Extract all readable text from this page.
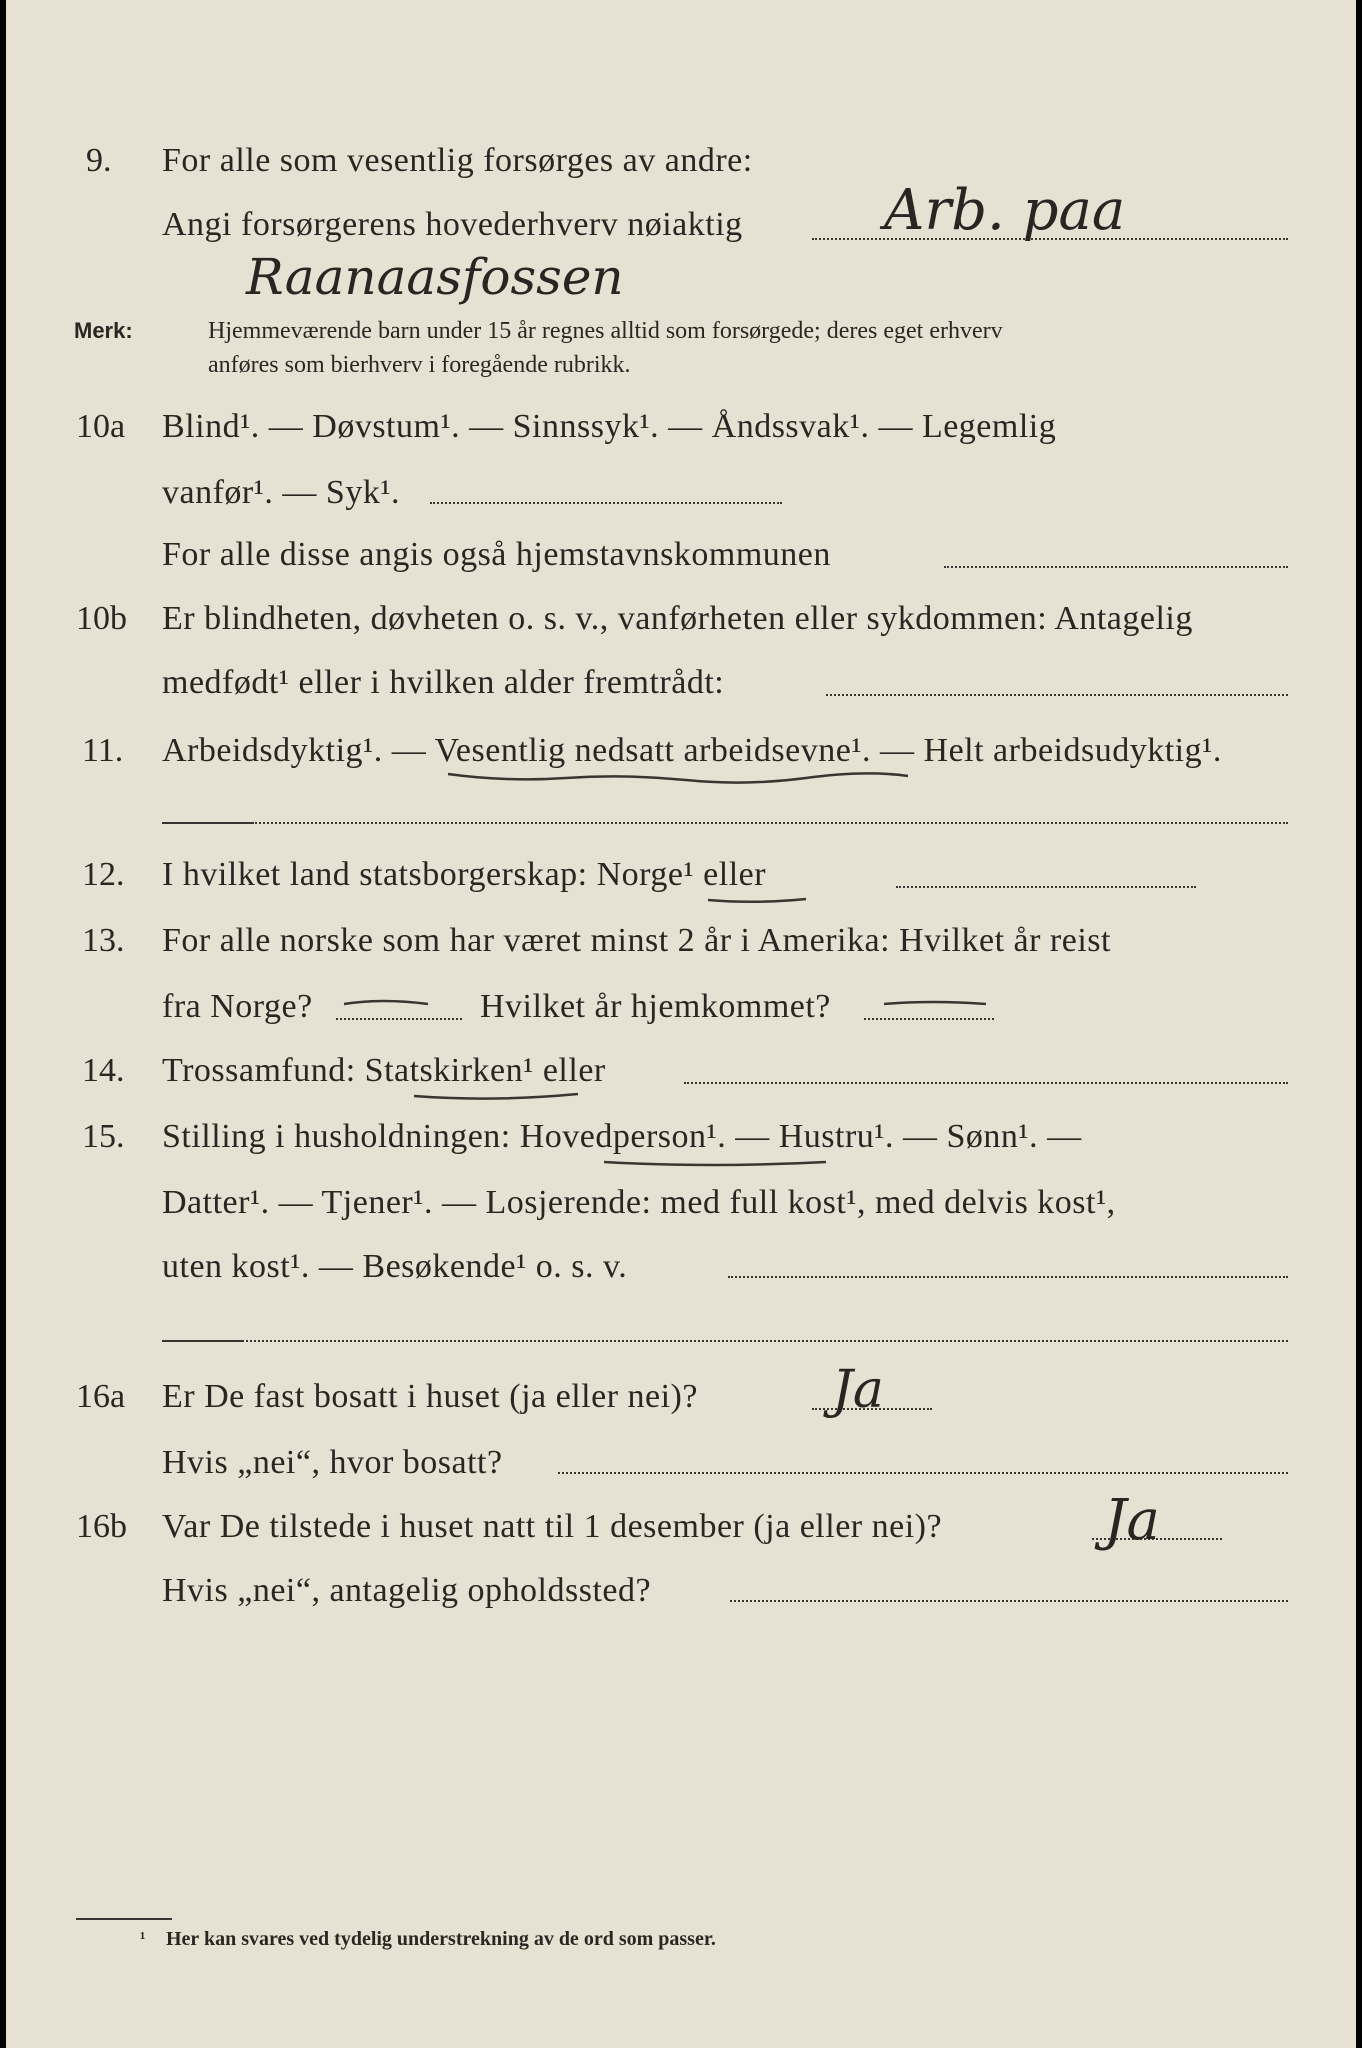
9. For alle som vesentlig forsørges av andre:
Angi forsørgerens hovederhverv nøiaktig	Arb. paa
Raanaasfossen
Merk:	Hjemmeværende barn under 15 år regnes alltid som forsørgede; deres eget erhverv
anføres som bierhverv i foregående rubrikk.
10a Blind¹. — Døvstum¹. — Sinnssyk¹. — Åndssvak¹. — Legemlig
vanfør¹. — Syk¹.
For alle disse angis også hjemstavnskommunen
10b Er blindheten, døvheten o. s. v., vanførheten eller sykdommen: Antagelig
medfødt¹ eller i hvilken alder fremtrådt:
11. Arbeidsdyktig¹. — Vesentlig nedsatt arbeidsevne¹. — Helt arbeidsudyktig¹.
12. I hvilket land statsborgerskap: Norge¹ eller
13. For alle norske som har været minst 2 år i Amerika: Hvilket år reist
fra Norge?	Hvilket år hjemkommet?
14. Trossamfund: Statskirken¹ eller
15. Stilling i husholdningen: Hovedperson¹. — Hustru¹. — Sønn¹. —
Datter¹. — Tjener¹. — Losjerende: med full kost¹, med delvis kost¹,
uten kost¹. — Besøkende¹ o. s. v.
16a Er De fast bosatt i huset (ja eller nei)?	Ja
Hvis „nei“, hvor bosatt?
16b Var De tilstede i huset natt til 1 desember (ja eller nei)?	Ja
Hvis „nei“, antagelig opholdssted?
¹ Her kan svares ved tydelig understrekning av de ord som passer.
